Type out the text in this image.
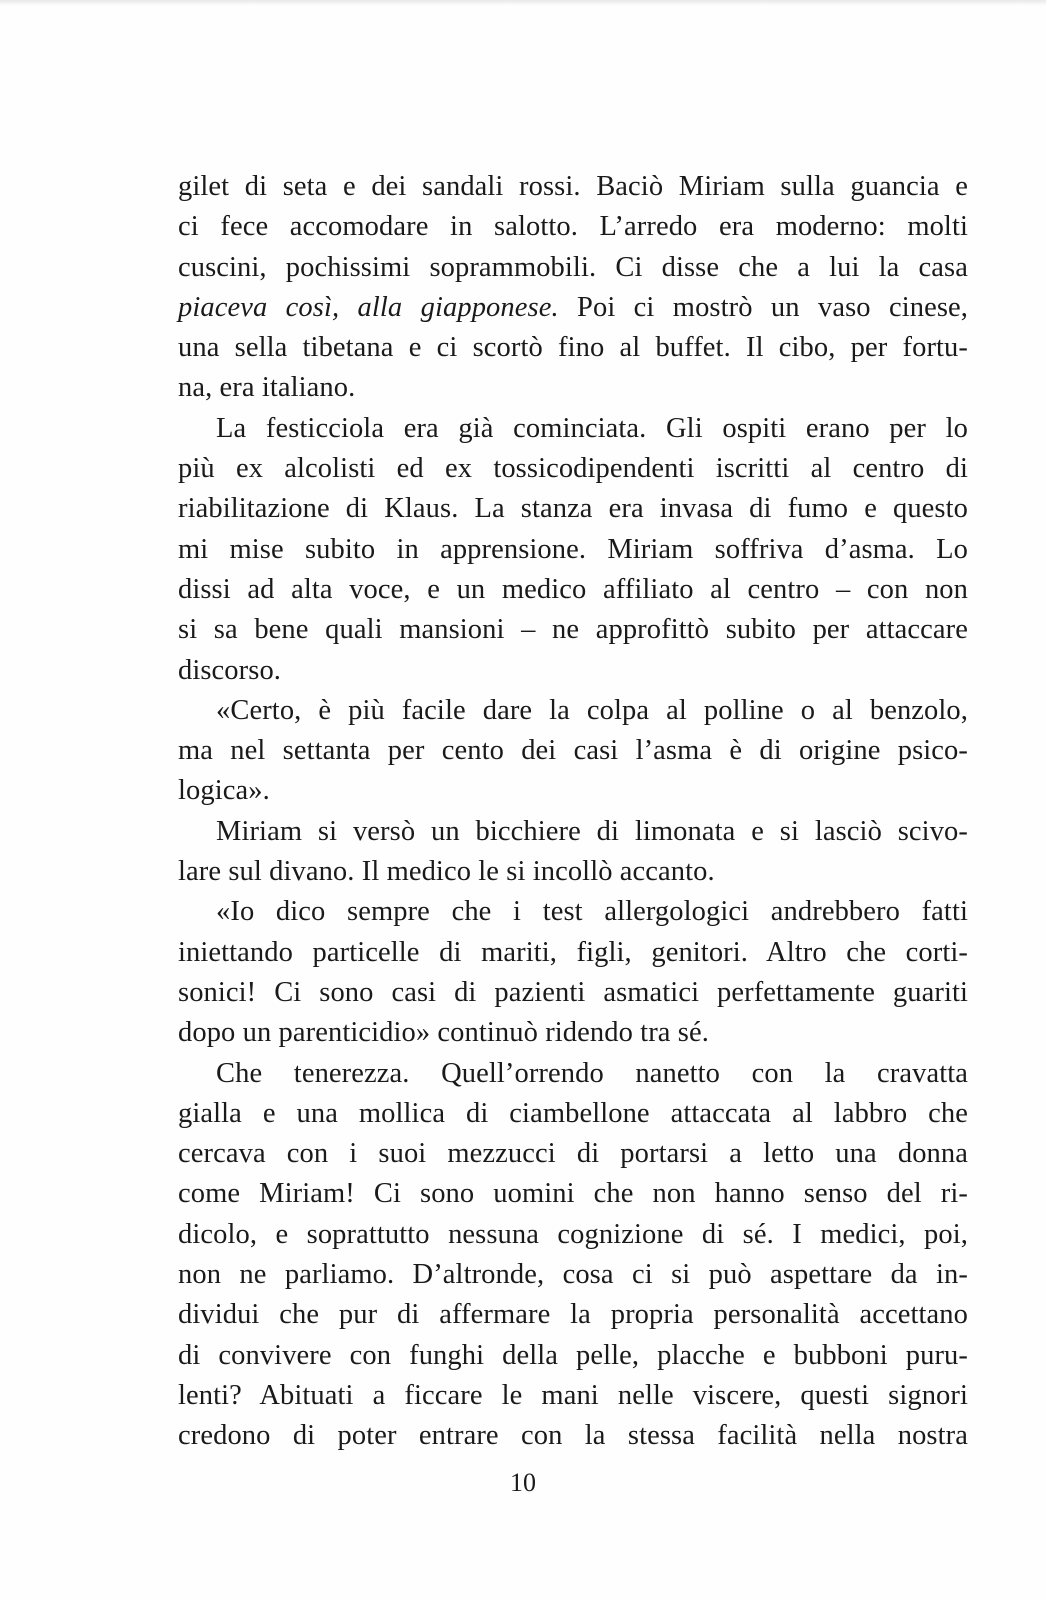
gilet di seta e dei sandali rossi. Baciò Miriam sulla guancia e
ci fece accomodare in salotto. L’arredo era moderno: molti
cuscini, pochissimi soprammobili. Ci disse che a lui la casa
piaceva così, alla giapponese. Poi ci mostrò un vaso cinese,
una sella tibetana e ci scortò fino al buffet. Il cibo, per fortu-
na, era italiano.
La festicciola era già cominciata. Gli ospiti erano per lo
più ex alcolisti ed ex tossicodipendenti iscritti al centro di
riabilitazione di Klaus. La stanza era invasa di fumo e questo
mi mise subito in apprensione. Miriam soffriva d’asma. Lo
dissi ad alta voce, e un medico affiliato al centro – con non
si sa bene quali mansioni – ne approfittò subito per attaccare
discorso.
«Certo, è più facile dare la colpa al polline o al benzolo,
ma nel settanta per cento dei casi l’asma è di origine psico-
logica».
Miriam si versò un bicchiere di limonata e si lasciò scivo-
lare sul divano. Il medico le si incollò accanto.
«Io dico sempre che i test allergologici andrebbero fatti
iniettando particelle di mariti, figli, genitori. Altro che corti-
sonici! Ci sono casi di pazienti asmatici perfettamente guariti
dopo un parenticidio» continuò ridendo tra sé.
Che tenerezza. Quell’orrendo nanetto con la cravatta
gialla e una mollica di ciambellone attaccata al labbro che
cercava con i suoi mezzucci di portarsi a letto una donna
come Miriam! Ci sono uomini che non hanno senso del ri-
dicolo, e soprattutto nessuna cognizione di sé. I medici, poi,
non ne parliamo. D’altronde, cosa ci si può aspettare da in-
dividui che pur di affermare la propria personalità accettano
di convivere con funghi della pelle, placche e bubboni puru-
lenti? Abituati a ficcare le mani nelle viscere, questi signori
credono di poter entrare con la stessa facilità nella nostra
10
